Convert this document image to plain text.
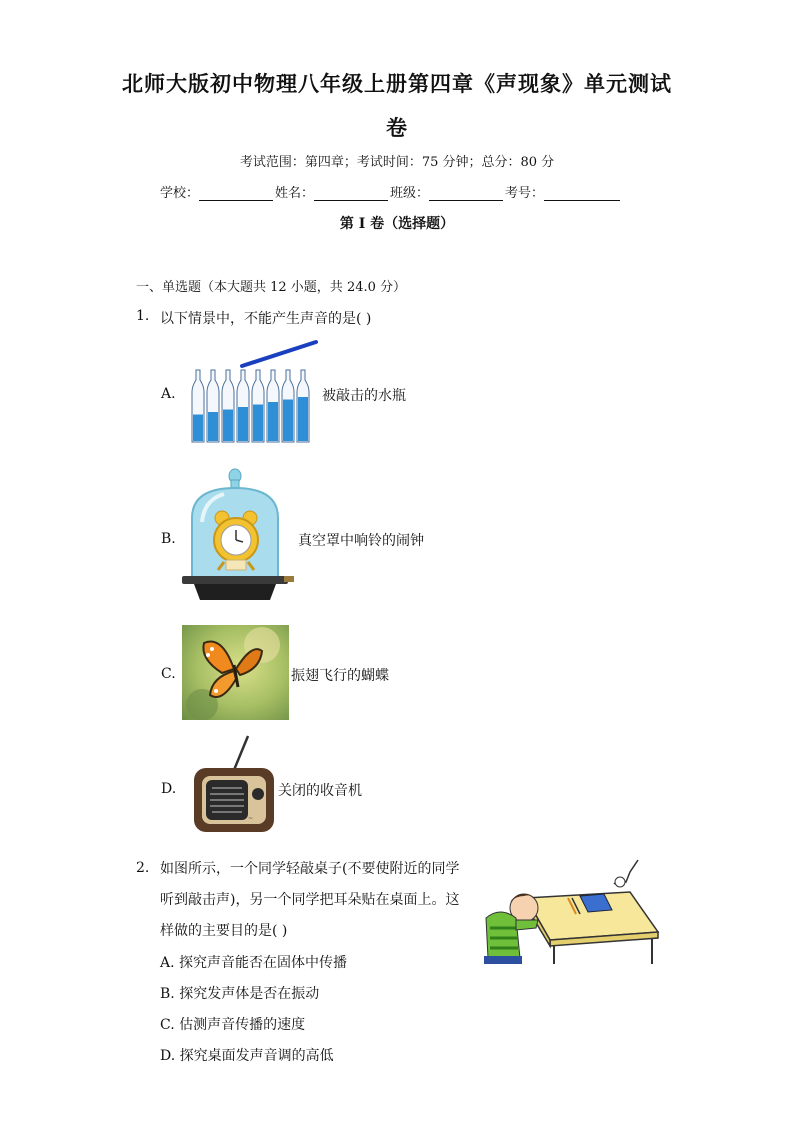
北师大版初中物理八年级上册第四章《声现象》单元测试
卷
考试范围：第四章；考试时间：75 分钟；总分：80 分
学校：	姓名：	班级：	考号：
第 I 卷（选择题）
一、单选题（本大题共 12 小题，共 24.0 分）
1. 以下情景中，不能产生声音的是( )
A.	被敲击的水瓶
B.	真空罩中响铃的闹钟
C.	振翅飞行的蝴蝶
D.
~
关闭的收音机
2. 如图所示，一个同学轻敲桌子(不要使附近的同学
听到敲击声)，另一个同学把耳朵贴在桌面上。这
样做的主要目的是( )
A. 探究声音能否在固体中传播
B. 探究发声体是否在振动
C. 估测声音传播的速度
D. 探究桌面发声音调的高低
